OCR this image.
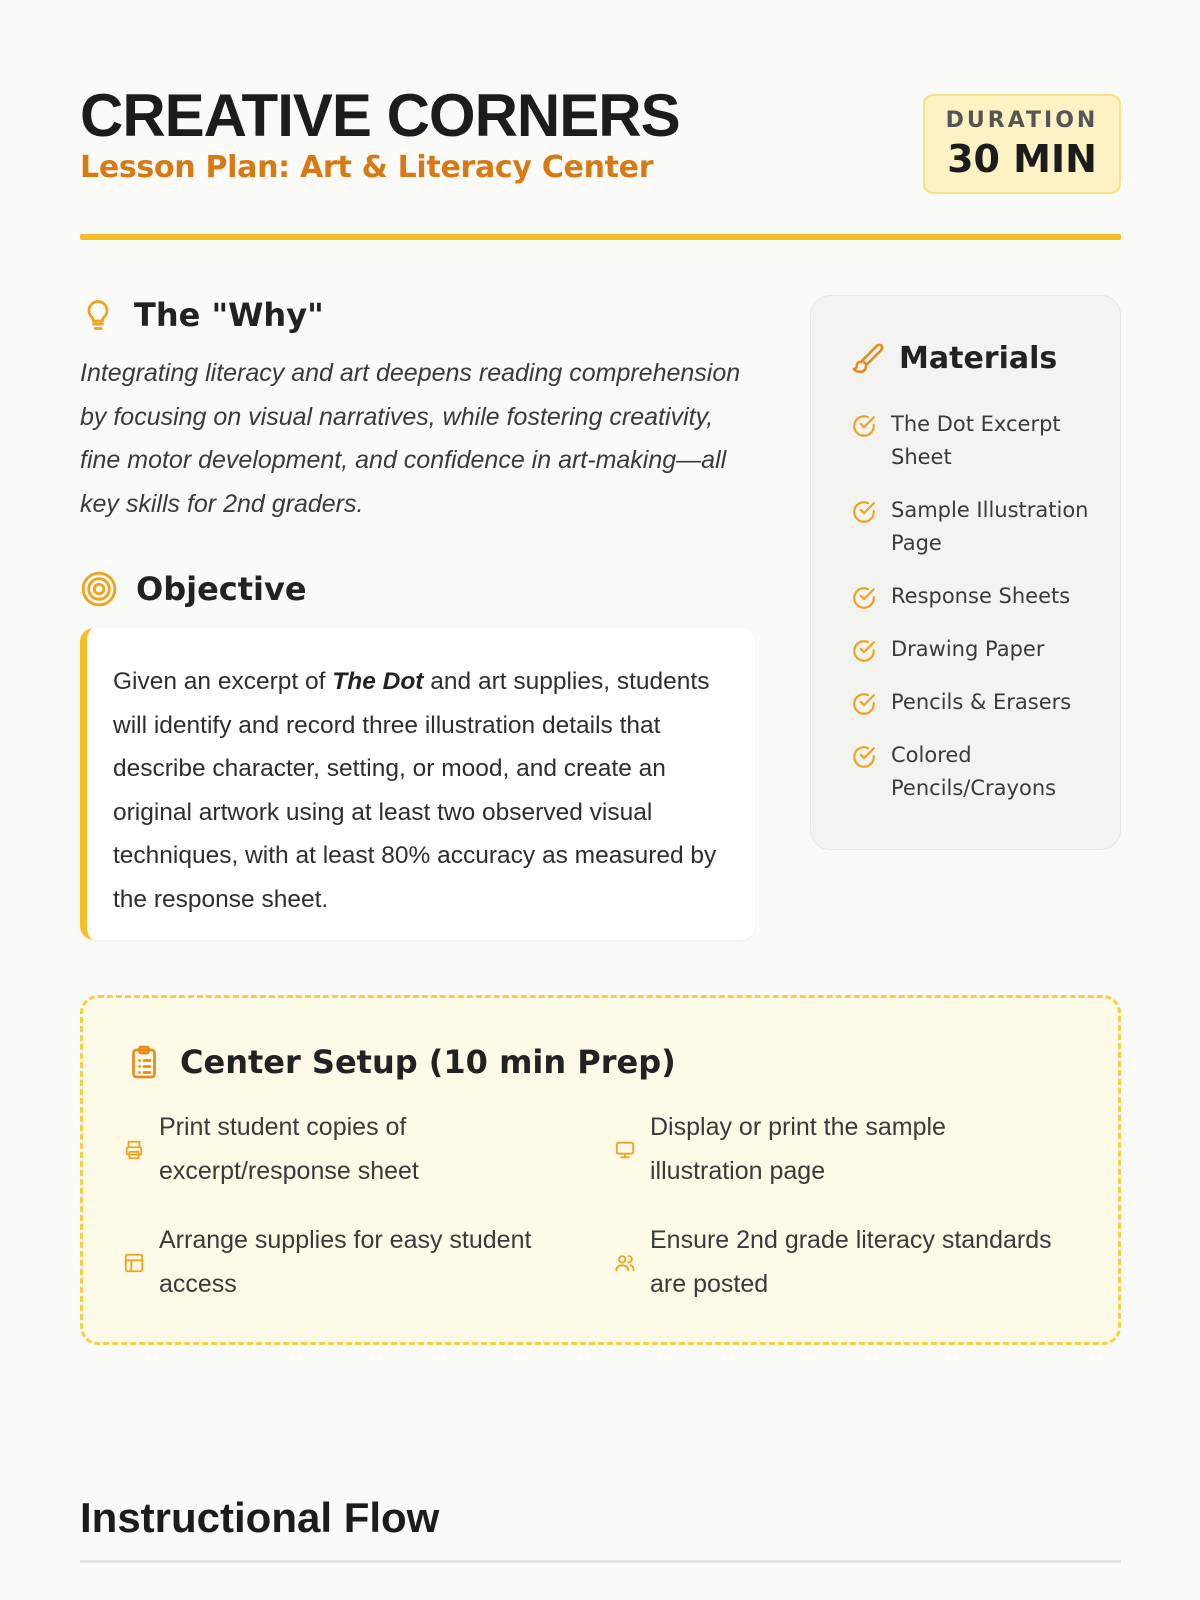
CREATIVE CORNERS
Lesson Plan: Art & Literacy Center
DURATION
30 MIN
The "Why"

Integrating literacy and art deepens reading comprehension by focusing on visual narratives, while fostering creativity, fine motor development, and confidence in art-making—all key skills for 2nd graders.

Objective
Given an excerpt of The Dot and art supplies, students will identify and record three illustration details that describe character, setting, or mood, and create an original artwork using at least two observed visual techniques, with at least 80% accuracy as measured by the response sheet.
Materials
The Dot Excerpt Sheet
Sample Illustration Page
Response Sheets
Drawing Paper
Pencils & Erasers
Colored Pencils/Crayons
Center Setup (10 min Prep)
Print student copies of excerpt/response sheet
Display or print the sample illustration page
Arrange supplies for easy student access
Ensure 2nd grade literacy standards are posted
Instructional Flow
